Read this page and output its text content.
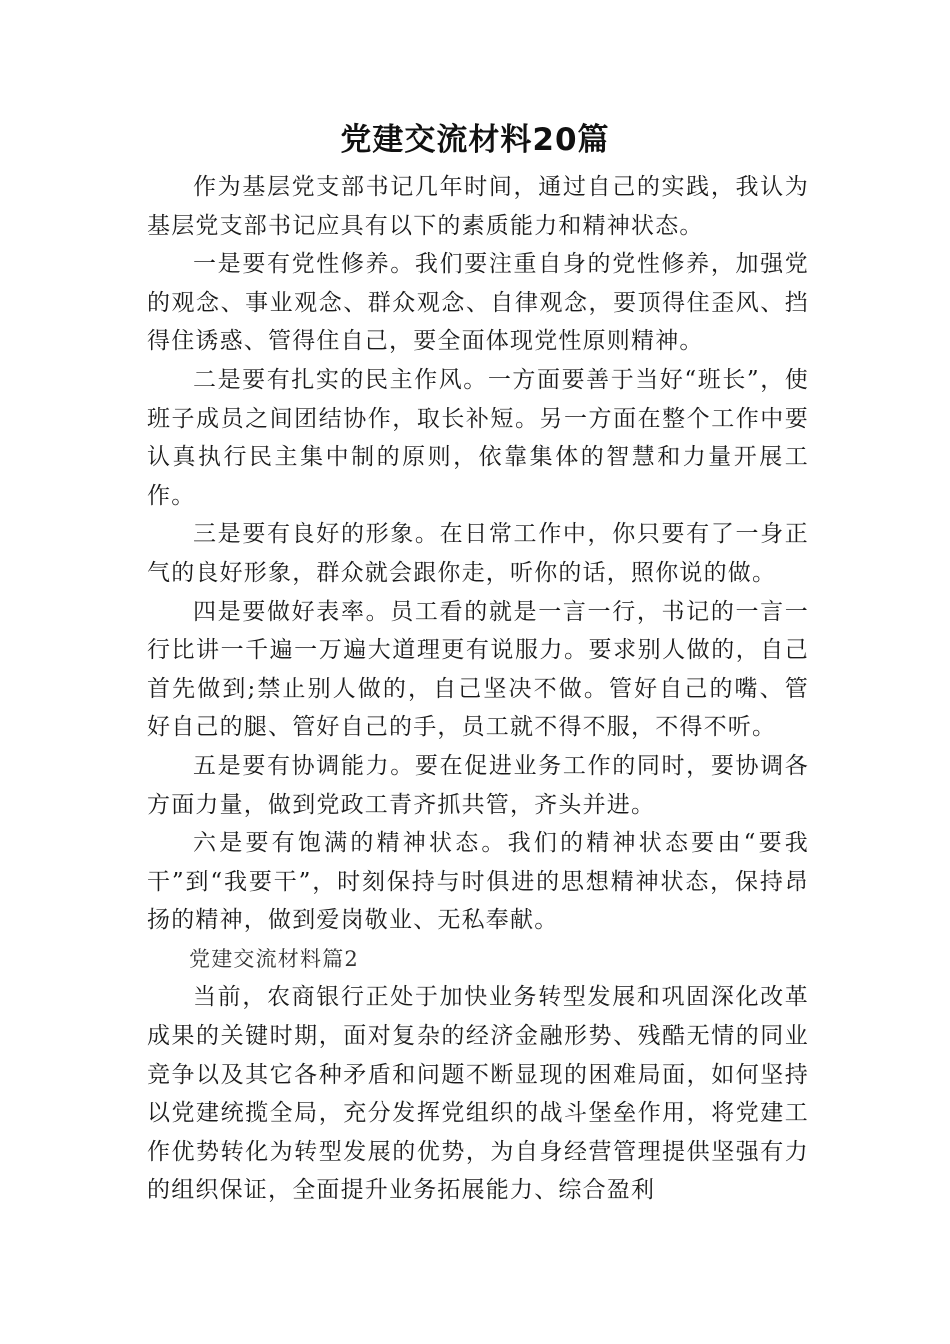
党建交流材料20篇

作为基层党支部书记几年时间，通过自己的实践，我认为基层党支部书记应具有以下的素质能力和精神状态。

一是要有党性修养。我们要注重自身的党性修养，加强党的观念、事业观念、群众观念、自律观念，要顶得住歪风、挡得住诱惑、管得住自己，要全面体现党性原则精神。

二是要有扎实的民主作风。一方面要善于当好“班长”，使班子成员之间团结协作，取长补短。另一方面在整个工作中要认真执行民主集中制的原则，依靠集体的智慧和力量开展工作。

三是要有良好的形象。在日常工作中，你只要有了一身正气的良好形象，群众就会跟你走，听你的话，照你说的做。

四是要做好表率。员工看的就是一言一行，书记的一言一行比讲一千遍一万遍大道理更有说服力。要求别人做的，自己首先做到;禁止别人做的，自己坚决不做。管好自己的嘴、管好自己的腿、管好自己的手，员工就不得不服，不得不听。

五是要有协调能力。要在促进业务工作的同时，要协调各方面力量，做到党政工青齐抓共管，齐头并进。

六是要有饱满的精神状态。我们的精神状态要由“要我干”到“我要干”，时刻保持与时俱进的思想精神状态，保持昂扬的精神，做到爱岗敬业、无私奉献。

党建交流材料篇2

当前，农商银行正处于加快业务转型发展和巩固深化改革成果的关键时期，面对复杂的经济金融形势、残酷无情的同业竞争以及其它各种矛盾和问题不断显现的困难局面，如何坚持以党建统揽全局，充分发挥党组织的战斗堡垒作用，将党建工作优势转化为转型发展的优势，为自身经营管理提供坚强有力的组织保证，全面提升业务拓展能力、综合盈利
